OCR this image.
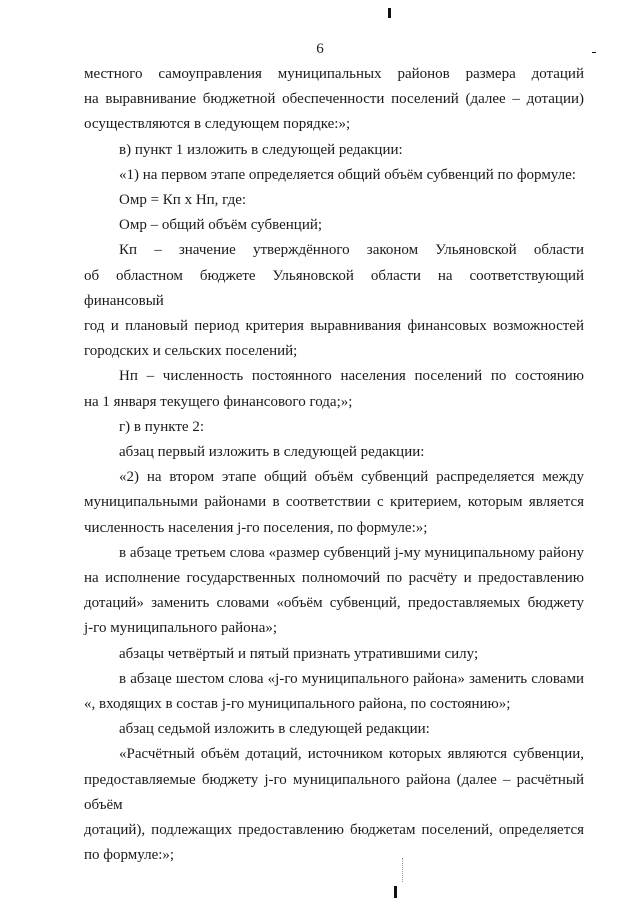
6

местного самоуправления муниципальных районов размера дотаций

на выравнивание бюджетной обеспеченности поселений (далее – дотации)

осуществляются в следующем порядке:»;

в) пункт 1 изложить в следующей редакции:

«1) на первом этапе определяется общий объём субвенций по формуле:

Омр = Кп х Нп, где:

Омр – общий объём субвенций;

Кп – значение утверждённого законом Ульяновской области

об областном бюджете Ульяновской области на соответствующий финансовый

год и плановый период критерия выравнивания финансовых возможностей

городских и сельских поселений;

Нп – численность постоянного населения поселений по состоянию

на 1 января текущего финансового года;»;

г) в пункте 2:

абзац первый изложить в следующей редакции:

«2) на втором этапе общий объём субвенций распределяется между

муниципальными районами в соответствии с критерием, которым является

численность населения j-го поселения, по формуле:»;

в абзаце третьем слова «размер субвенций j-му муниципальному району

на исполнение государственных полномочий по расчёту и предоставлению

дотаций» заменить словами «объём субвенций, предоставляемых бюджету

j-го муниципального района»;

абзацы четвёртый и пятый признать утратившими силу;

в абзаце шестом слова «j-го муниципального района» заменить словами

«, входящих в состав j-го муниципального района, по состоянию»;

абзац седьмой изложить в следующей редакции:

«Расчётный объём дотаций, источником которых являются субвенции,

предоставляемые бюджету j-го муниципального района (далее – расчётный объём

дотаций), подлежащих предоставлению бюджетам поселений, определяется

по формуле:»;
